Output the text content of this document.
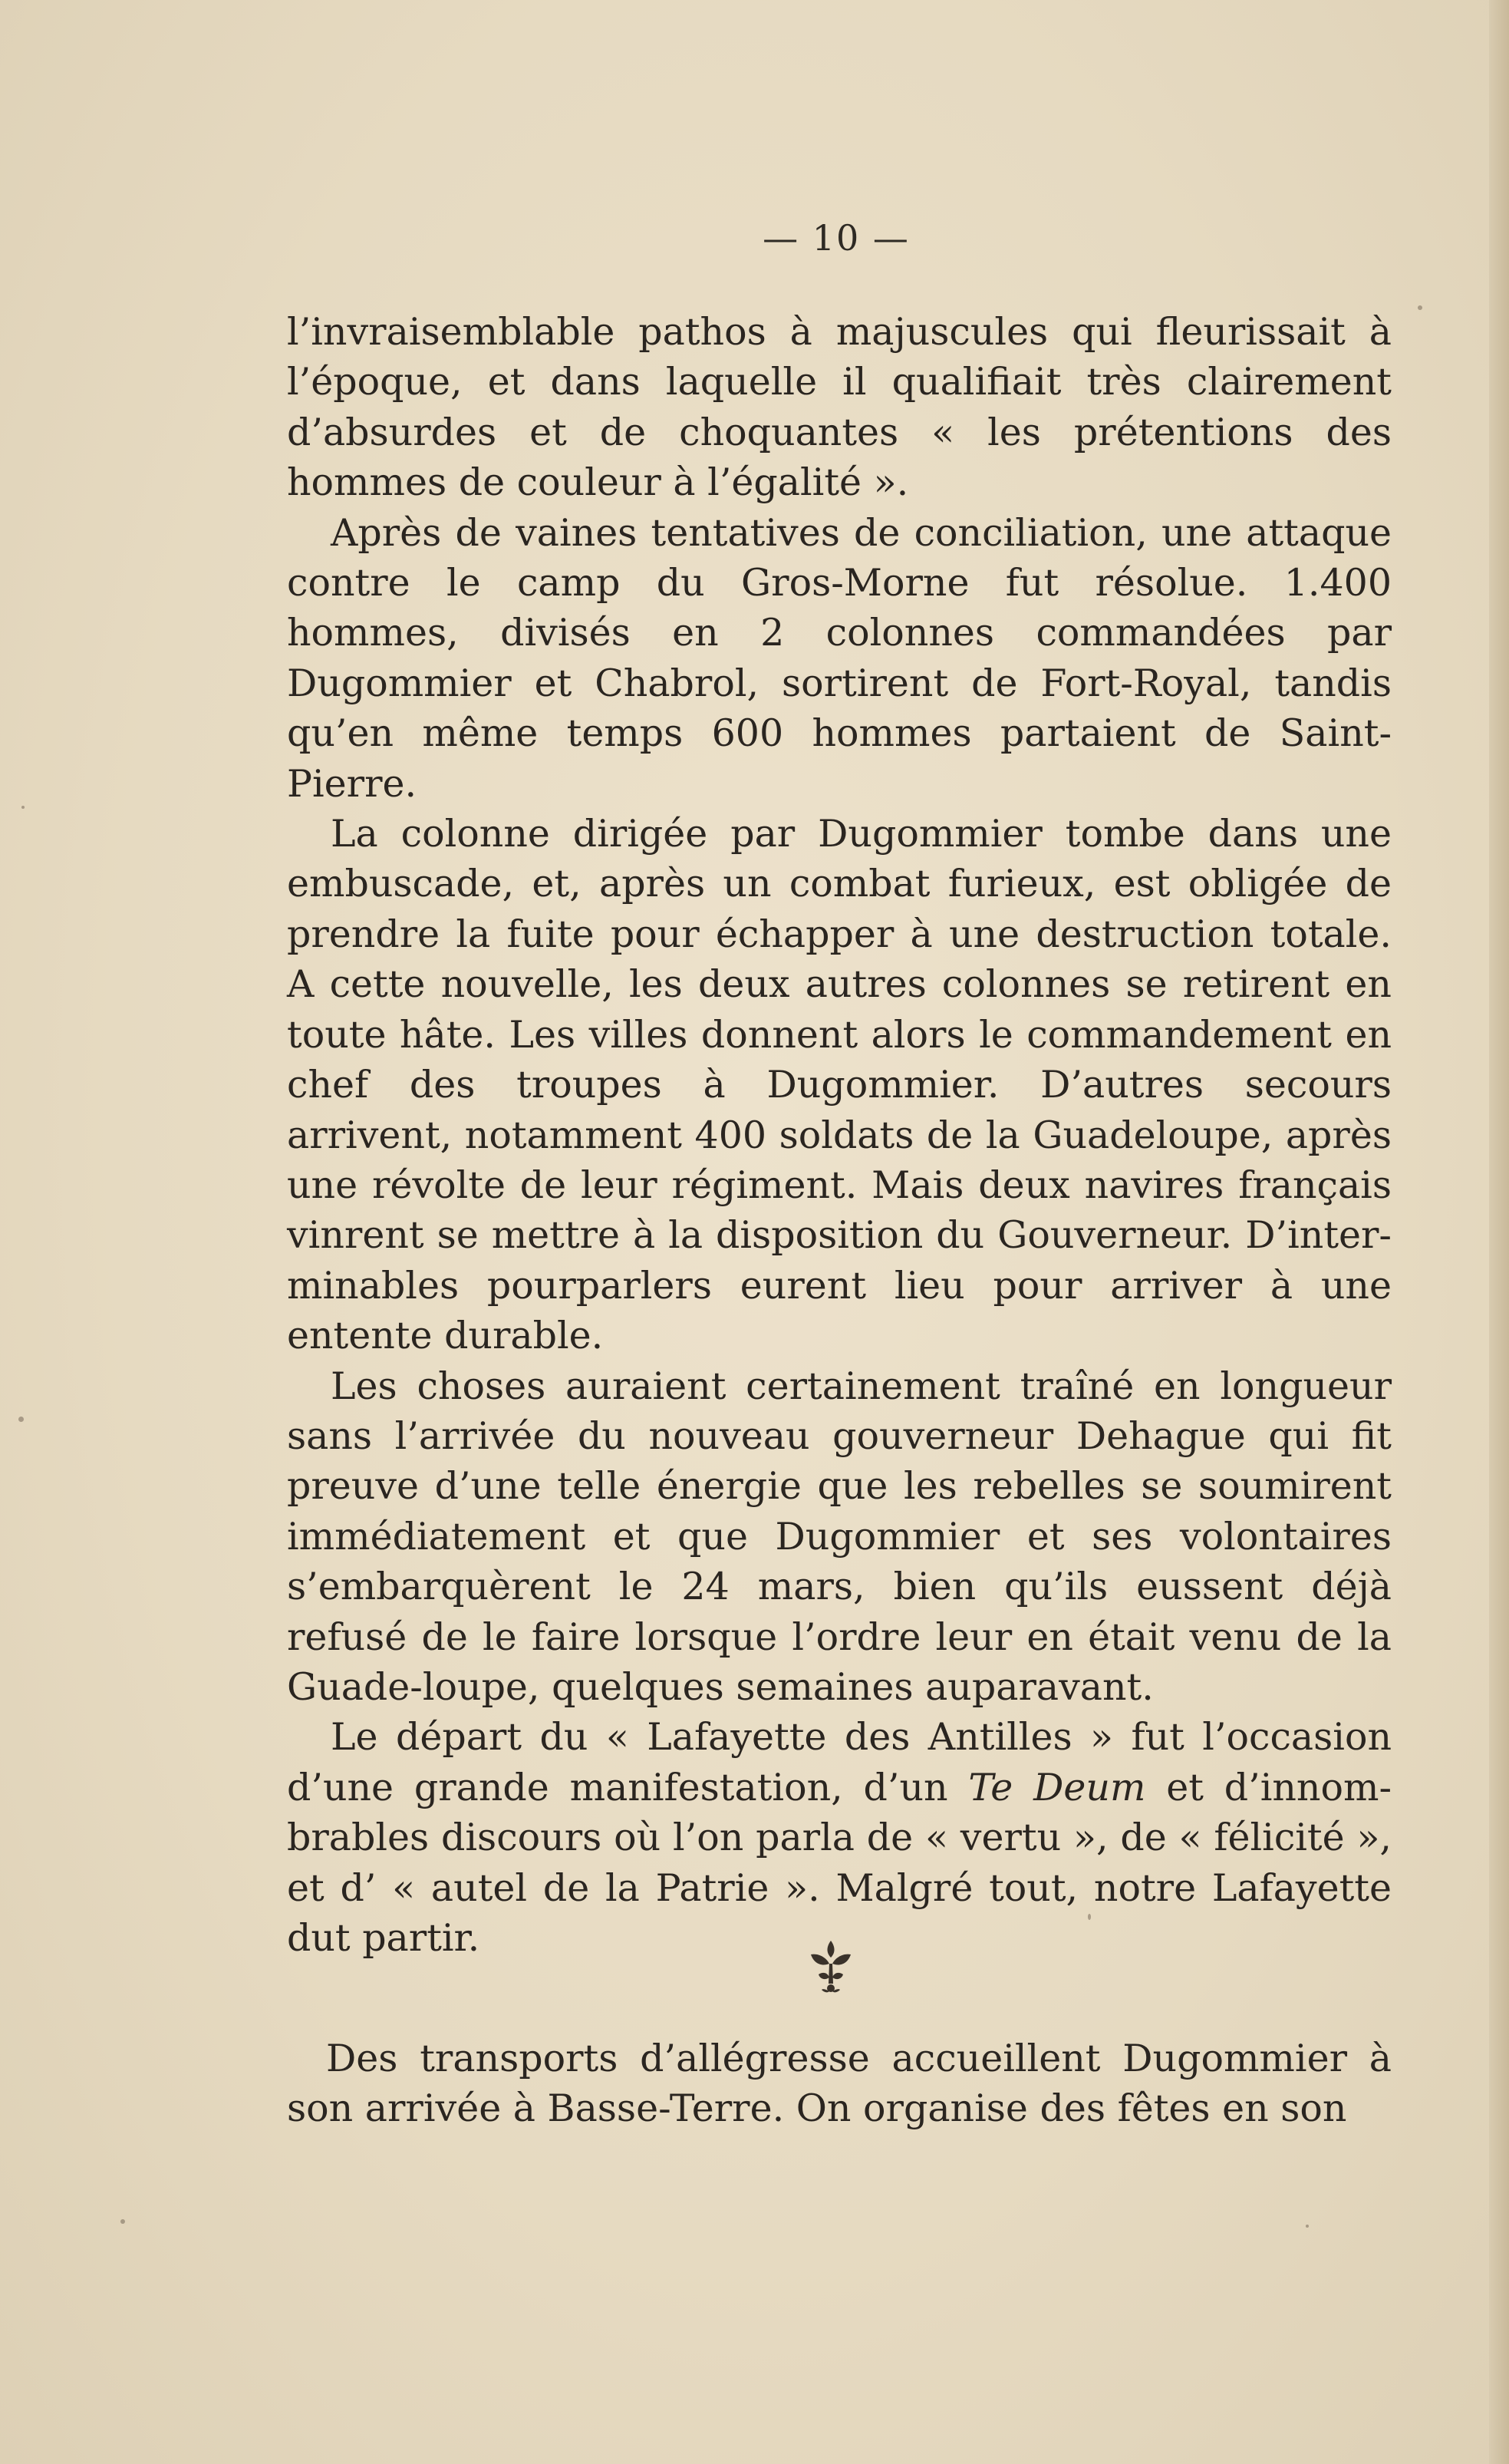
— 10 —

l’invraisemblable pathos à majuscules qui fleurissait à l’époque, et dans laquelle il qualifiait très clairement d’absurdes et de choquantes « les prétentions des hommes de couleur à l’égalité ».

Après de vaines tentatives de conciliation, une attaque contre le camp du Gros-Morne fut résolue. 1.400 hommes, divisés en 2 colonnes commandées par Dugommier et Chabrol, sortirent de Fort-Royal, tandis qu’en même temps 600 hommes partaient de Saint-Pierre.

La colonne dirigée par Dugommier tombe dans une embuscade, et, après un combat furieux, est obligée de prendre la fuite pour échapper à une destruction totale. A cette nouvelle, les deux autres colonnes se retirent en toute hâte. Les villes donnent alors le commandement en chef des troupes à Dugommier. D’autres secours arrivent, notamment 400 soldats de la Guadeloupe, après une révolte de leur régiment. Mais deux navires français vinrent se mettre à la disposition du Gouverneur. D’inter-minables pourparlers eurent lieu pour arriver à une entente durable.

Les choses auraient certainement traîné en longueur sans l’arrivée du nouveau gouverneur Dehague qui fit preuve d’une telle énergie que les rebelles se soumirent immédiatement et que Dugommier et ses volontaires s’embarquèrent le 24 mars, bien qu’ils eussent déjà refusé de le faire lorsque l’ordre leur en était venu de la Guade-loupe, quelques semaines auparavant.

Le départ du « Lafayette des Antilles » fut l’occasion d’une grande manifestation, d’un Te Deum et d’innom-brables discours où l’on parla de « vertu », de « félicité », et d’ « autel de la Patrie ». Malgré tout, notre Lafayette dut partir.

Des transports d’allégresse accueillent Dugommier à son arrivée à Basse-Terre. On organise des fêtes en son
